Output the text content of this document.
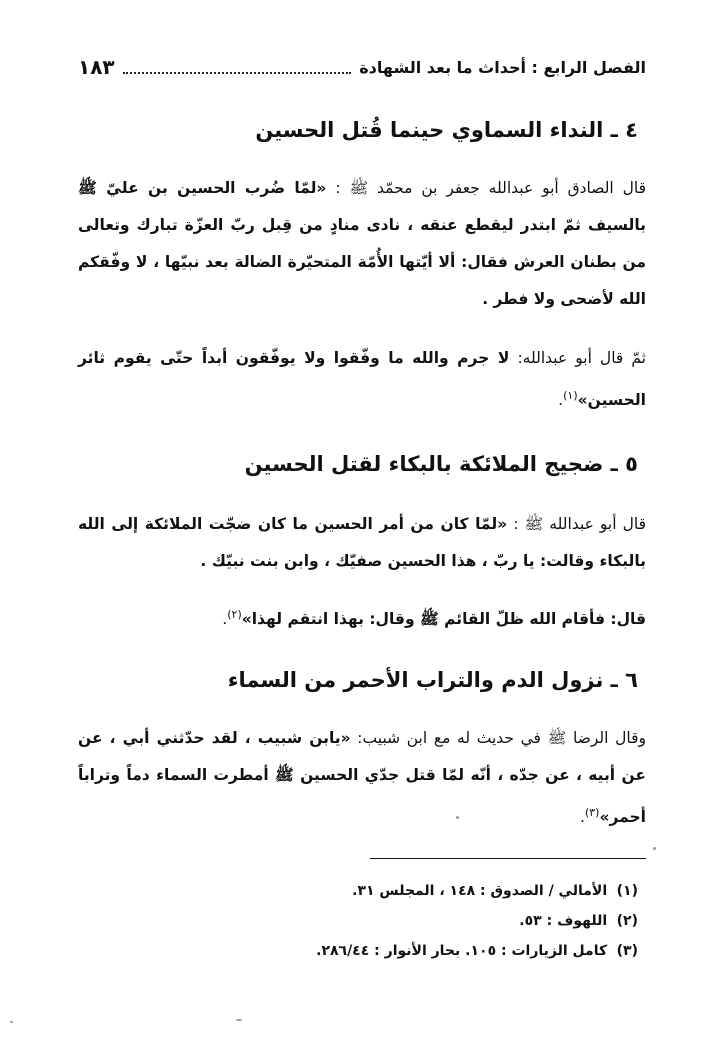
الفصل الرابع : أحداث ما بعد الشهادة
١٨٣
٤ ـ النداء السماوي حينما قُتل الحسين
قال الصادق أبو عبدالله جعفر بن محمّد ﷺ : «لمّا ضُرب الحسين بن عليّ ﷺ بالسيف ثمّ ابتدر ليقطع عنقه ، نادى منادٍ من قِبل ربّ العزّة تبارك وتعالى من بطنان العرش فقال: ألا أيّتها الأُمّة المتحيّرة الضالة بعد نبيّها ، لا وفّقكم الله لأضحى ولا فطر .
ثمّ قال أبو عبدالله: لا جرم والله ما وفّقوا ولا يوفّقون أبداً حتّى يقوم ثائر الحسين»$^{(١)}$.
٥ ـ ضجيج الملائكة بالبكاء لقتل الحسين
قال أبو عبدالله ﷺ : «لمّا كان من أمر الحسين ما كان ضجّت الملائكة إلى الله بالبكاء وقالت: يا ربّ ، هذا الحسين صفيّك ، وابن بنت نبيّك .
قال: فأقام الله ظلّ القائم ﷺ وقال: بهذا انتقم لهذا»$^{(٢)}$.
٦ ـ نزول الدم والتراب الأحمر من السماء
وقال الرضا ﷺ في حديث له مع ابن شبيب: «يابن شبيب ، لقد حدّثني أبي ، عن عن أبيه ، عن جدّه ، أنّه لمّا قتل جدّي الحسين ﷺ أمطرت السماء دماً وتراباً أحمر»$^{(٣)}$.
(١) الأمالي / الصدوق : ١٤٨ ، المجلس ٣١.
(٢) اللهوف : ٥٣.
(٣) كامل الزيارات : ١٠٥. بحار الأنوار : ٢٨٦/٤٤.
